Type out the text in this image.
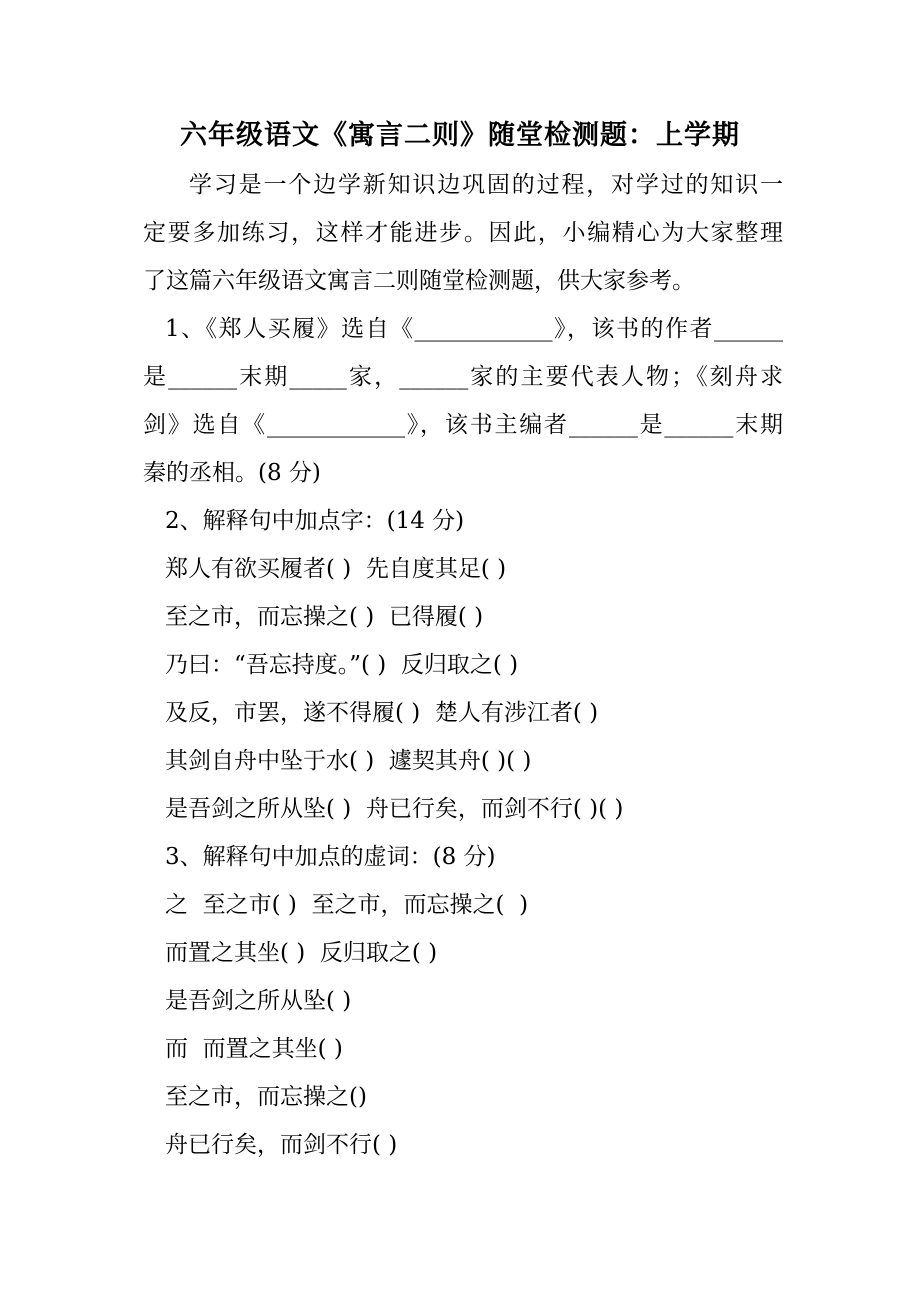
六年级语文《寓言二则》随堂检测题：上学期
学习是一个边学新知识边巩固的过程，对学过的知识一
定要多加练习，这样才能进步。因此，小编精心为大家整理
了这篇六年级语文寓言二则随堂检测题，供大家参考。
1、《郑人买履》选自《____________》，该书的作者______
是______末期_____家，______家的主要代表人物；《刻舟求
剑》选自《____________》，该书主编者______是______末期
秦的丞相。(8 分)
2、解释句中加点字：(14 分)
郑人有欲买履者( )  先自度其足( )
至之市，而忘操之( )  已得履( )
乃曰：“吾忘持度。”( )  反归取之( )
及反，市罢，遂不得履( )  楚人有涉江者( )
其剑自舟中坠于水( )  遽契其舟( )( )
是吾剑之所从坠( )  舟已行矣，而剑不行( )( )
3、解释句中加点的虚词：(8 分)
之  至之市( )  至之市，而忘操之(  )
而置之其坐( )  反归取之( )
是吾剑之所从坠( )
而  而置之其坐( )
至之市，而忘操之()
舟已行矣，而剑不行( )
